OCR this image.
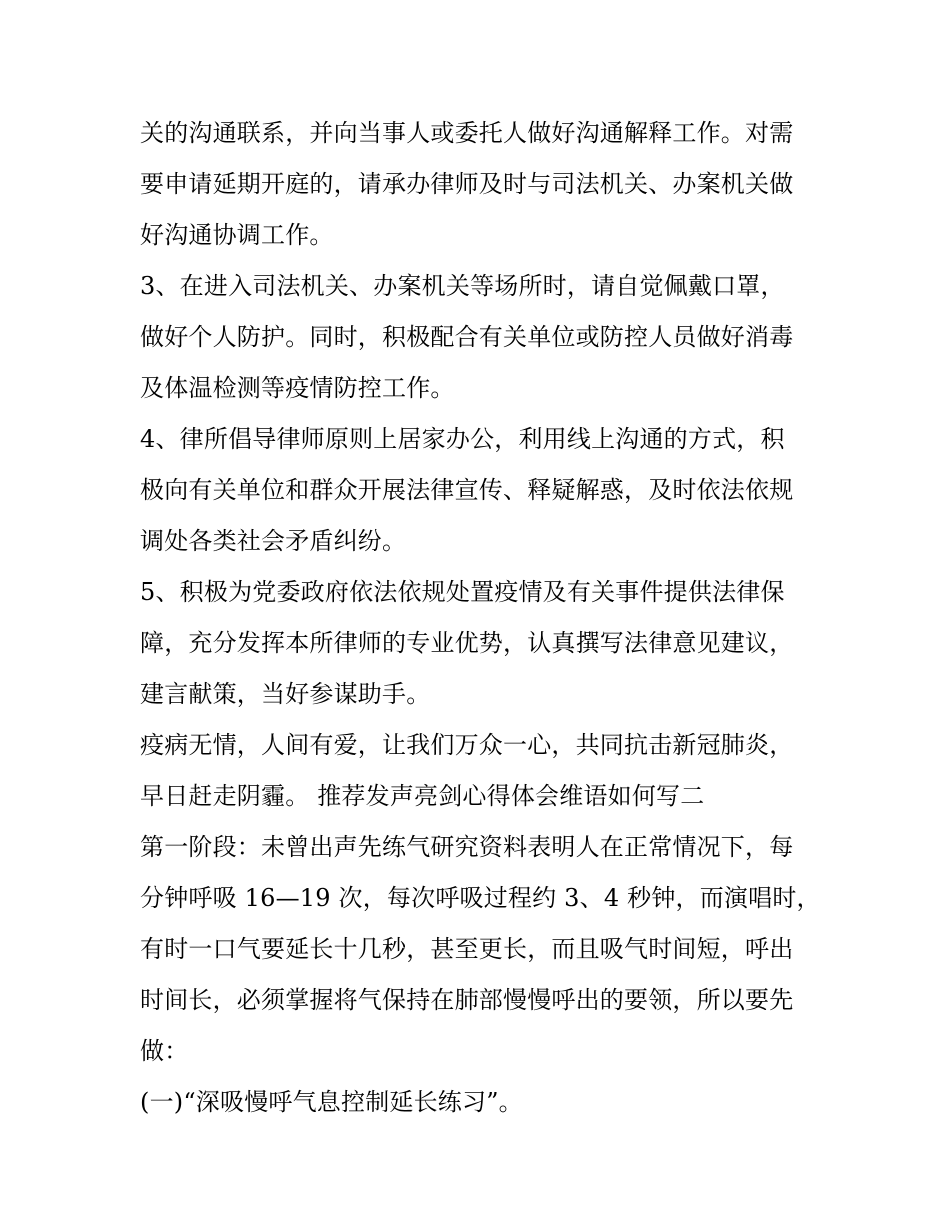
关的沟通联系，并向当事人或委托人做好沟通解释工作。对需
要申请延期开庭的，请承办律师及时与司法机关、办案机关做
好沟通协调工作。
3、在进入司法机关、办案机关等场所时，请自觉佩戴口罩，
做好个人防护。同时，积极配合有关单位或防控人员做好消毒
及体温检测等疫情防控工作。
4、律所倡导律师原则上居家办公，利用线上沟通的方式，积
极向有关单位和群众开展法律宣传、释疑解惑，及时依法依规
调处各类社会矛盾纠纷。
5、积极为党委政府依法依规处置疫情及有关事件提供法律保
障，充分发挥本所律师的专业优势，认真撰写法律意见建议，
建言献策，当好参谋助手。
疫病无情，人间有爱，让我们万众一心，共同抗击新冠肺炎，
早日赶走阴霾。 推荐发声亮剑心得体会维语如何写二
第一阶段：未曾出声先练气研究资料表明人在正常情况下，每
分钟呼吸 16—19 次，每次呼吸过程约 3、4 秒钟，而演唱时，
有时一口气要延长十几秒，甚至更长，而且吸气时间短，呼出
时间长，必须掌握将气保持在肺部慢慢呼出的要领，所以要先
做：
(一)“深吸慢呼气息控制延长练习”。
